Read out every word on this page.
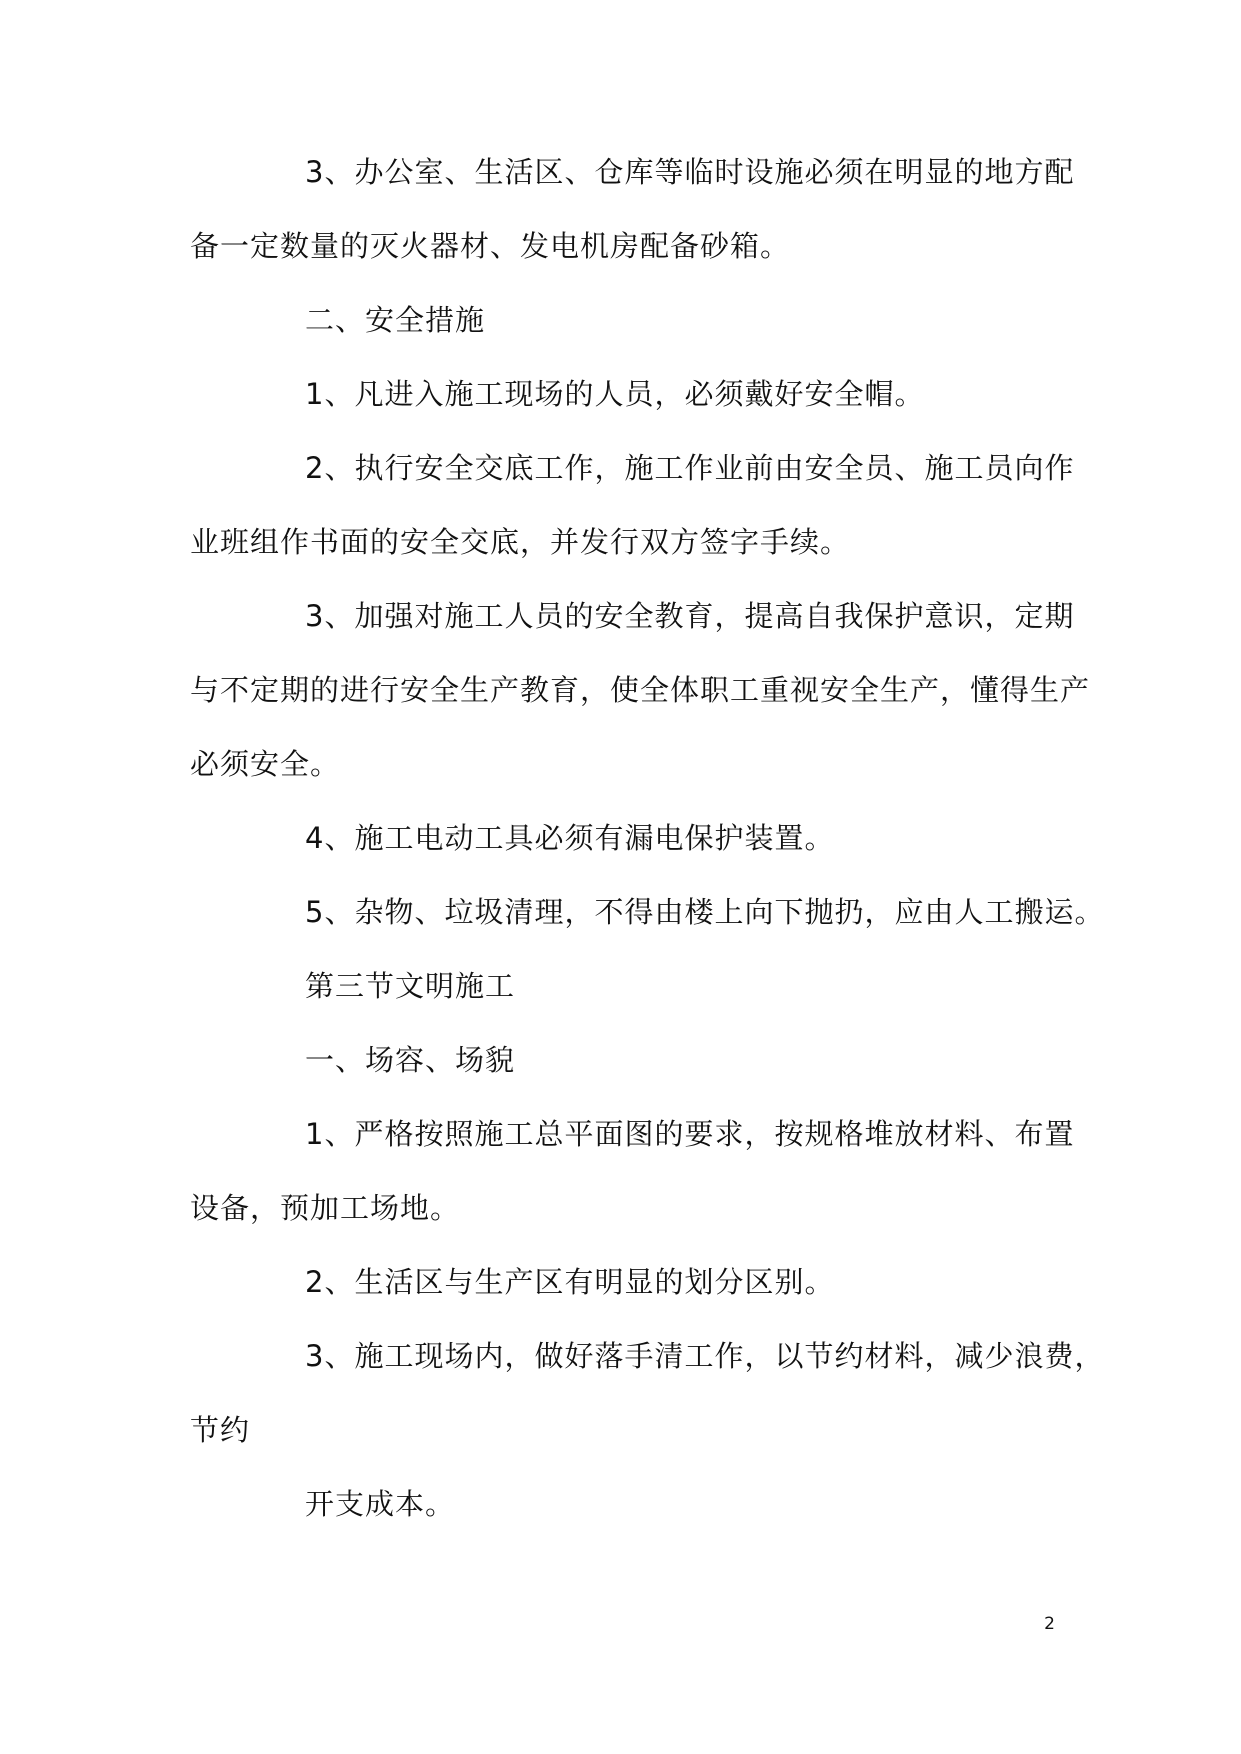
3、办公室、生活区、仓库等临时设施必须在明显的地方配
备一定数量的灭火器材、发电机房配备砂箱。
二、安全措施
1、凡进入施工现场的人员，必须戴好安全帽。
2、执行安全交底工作，施工作业前由安全员、施工员向作
业班组作书面的安全交底，并发行双方签字手续。
3、加强对施工人员的安全教育，提高自我保护意识，定期
与不定期的进行安全生产教育，使全体职工重视安全生产，懂得生产
必须安全。
4、施工电动工具必须有漏电保护装置。
5、杂物、垃圾清理，不得由楼上向下抛扔，应由人工搬运。
第三节文明施工
一、场容、场貌
1、严格按照施工总平面图的要求，按规格堆放材料、布置
设备，预加工场地。
2、生活区与生产区有明显的划分区别。
3、施工现场内，做好落手清工作，以节约材料，减少浪费，
节约
开支成本。
2
